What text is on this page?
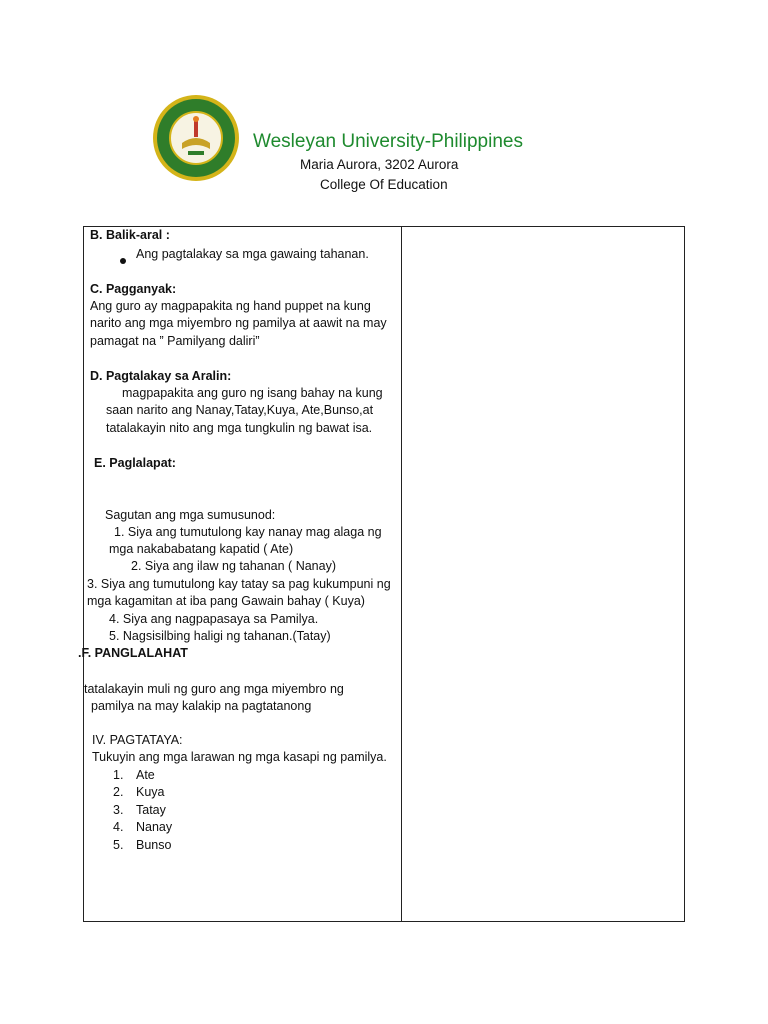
Wesleyan University-Philippines
Maria Aurora, 3202 Aurora
College Of Education
B. Balik-aral :
Ang pagtalakay sa mga gawaing tahanan.
C. Pagganyak:
Ang guro ay magpapakita ng hand puppet na kung
narito ang mga miyembro ng pamilya at aawit na may
pamagat na ” Pamilyang daliri”
D. Pagtalakay sa Aralin:
magpapakita ang guro ng isang bahay na kung
saan narito ang Nanay,Tatay,Kuya, Ate,Bunso,at
tatalakayin nito ang mga tungkulin ng bawat isa.
E. Paglalapat:
Sagutan ang mga sumusunod:
1. Siya ang tumutulong kay nanay mag alaga ng
mga nakababatang kapatid ( Ate)
2. Siya ang ilaw ng tahanan ( Nanay)
3. Siya ang tumutulong kay tatay sa pag kukumpuni ng
mga kagamitan at iba pang Gawain bahay ( Kuya)
4. Siya ang nagpapasaya sa Pamilya.
5. Nagsisilbing haligi ng tahanan.(Tatay)
.F. PANGLALAHAT
tatalakayin muli ng guro ang mga miyembro ng
pamilya na may kalakip na pagtatanong
IV. PAGTATAYA:
Tukuyin ang mga larawan ng mga kasapi ng pamilya.
1. Ate
2. Kuya
3. Tatay
4. Nanay
5. Bunso
